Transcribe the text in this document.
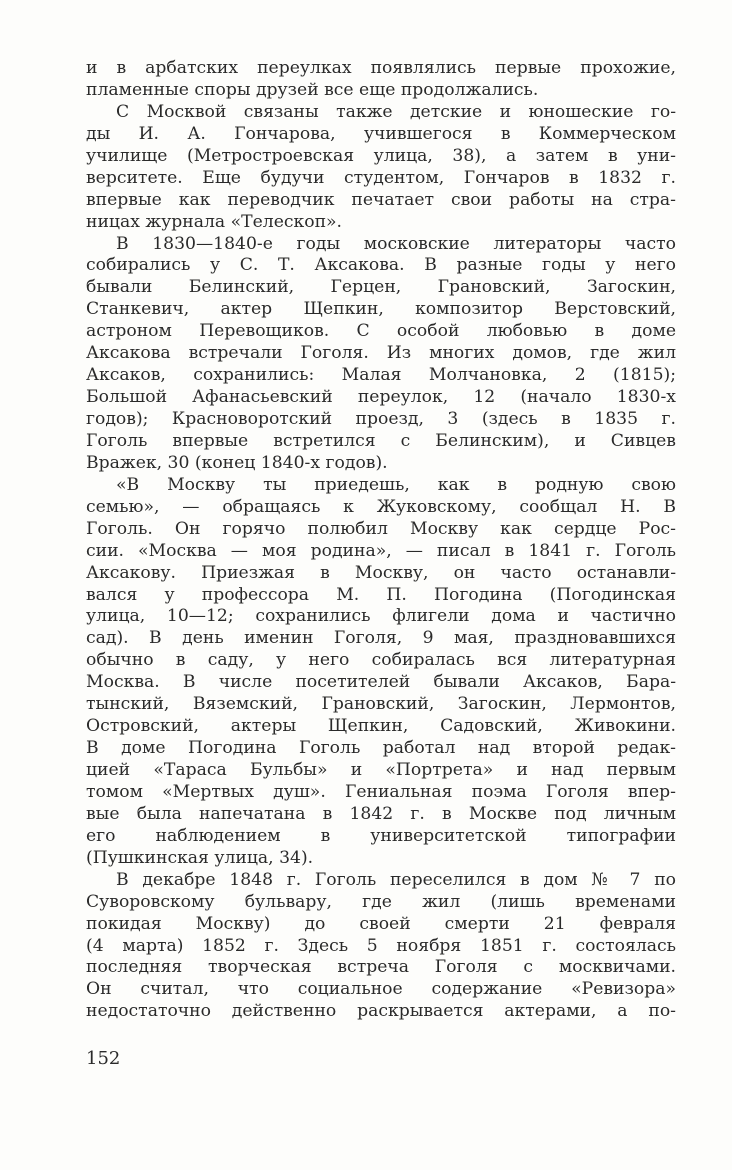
и в арбатских переулках появлялись первые прохожие,
пламенные споры друзей все еще продолжались.
С Москвой связаны также детские и юношеские го-
ды И. А. Гончарова, учившегося в Коммерческом
училище (Метростроевская улица, 38), а затем в уни-
верситете. Еще будучи студентом, Гончаров в 1832 г.
впервые как переводчик печатает свои работы на стра-
ницах журнала «Телескоп».
В 1830—1840-е годы московские литераторы часто
собирались у С. Т. Аксакова. В разные годы у него
бывали Белинский, Герцен, Грановский, Загоскин,
Станкевич, актер Щепкин, композитор Верстовский,
астроном Перевощиков. С особой любовью в доме
Аксакова встречали Гоголя. Из многих домов, где жил
Аксаков, сохранились: Малая Молчановка, 2 (1815);
Большой Афанасьевский переулок, 12 (начало 1830-х
годов); Красноворотский проезд, 3 (здесь в 1835 г.
Гоголь впервые встретился с Белинским), и Сивцев
Вражек, 30 (конец 1840-х годов).
«В Москву ты приедешь, как в родную свою
семью», — обращаясь к Жуковскому, сообщал Н. В
Гоголь. Он горячо полюбил Москву как сердце Рос-
сии. «Москва — моя родина», — писал в 1841 г. Гоголь
Аксакову. Приезжая в Москву, он часто останавли-
вался у профессора М. П. Погодина (Погодинская
улица, 10—12; сохранились флигели дома и частично
сад). В день именин Гоголя, 9 мая, праздновавшихся
обычно в саду, у него собиралась вся литературная
Москва. В числе посетителей бывали Аксаков, Бара-
тынский, Вяземский, Грановский, Загоскин, Лермонтов,
Островский, актеры Щепкин, Садовский, Живокини.
В доме Погодина Гоголь работал над второй редак-
цией «Тараса Бульбы» и «Портрета» и над первым
томом «Мертвых душ». Гениальная поэма Гоголя впер-
вые была напечатана в 1842 г. в Москве под личным
его наблюдением в университетской типографии
(Пушкинская улица, 34).
В декабре 1848 г. Гоголь переселился в дом № 7 по
Суворовскому бульвару, где жил (лишь временами
покидая Москву) до своей смерти 21 февраля
(4 марта) 1852 г. Здесь 5 ноября 1851 г. состоялась
последняя творческая встреча Гоголя с москвичами.
Он считал, что социальное содержание «Ревизора»
недостаточно действенно раскрывается актерами, а по-
152
